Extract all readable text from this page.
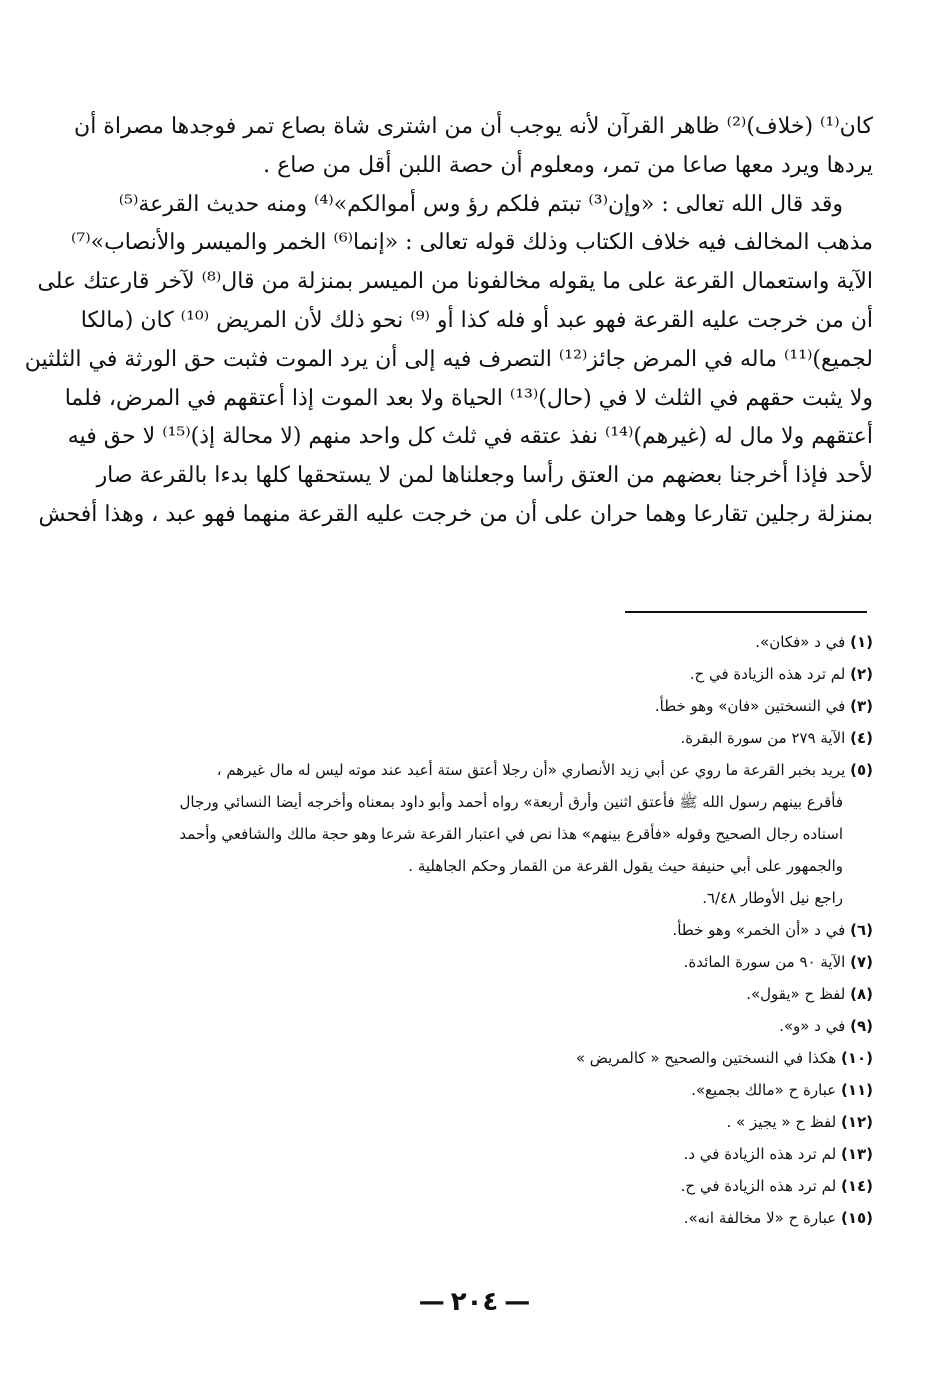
كان⁽¹⁾ (خلاف)⁽²⁾ ظاهر القرآن لأنه يوجب أن من اشترى شاة بصاع تمر فوجدها مصراة أن
يردها ويرد معها صاعا من تمر، ومعلوم أن حصة اللبن أقل من صاع .
وقد قال الله تعالى : «وإن⁽³⁾ تبتم فلكم رؤ وس أموالكم»⁽⁴⁾ ومنه حديث القرعة⁽⁵⁾
مذهب المخالف فيه خلاف الكتاب وذلك قوله تعالى : «إنما⁽⁶⁾ الخمر والميسر والأنصاب»⁽⁷⁾
الآية واستعمال القرعة على ما يقوله مخالفونا من الميسر بمنزلة من قال⁽⁸⁾ لآخر قارعتك على
أن من خرجت عليه القرعة فهو عبد أو فله كذا أو ⁽⁹⁾ نحو ذلك لأن المريض ⁽¹⁰⁾ كان (مالكا
لجميع)⁽¹¹⁾ ماله في المرض جائز⁽¹²⁾ التصرف فيه إلى أن يرد الموت فثبت حق الورثة في الثلثين
ولا يثبت حقهم في الثلث لا في (حال)⁽¹³⁾ الحياة ولا بعد الموت إذا أعتقهم في المرض، فلما
أعتقهم ولا مال له (غيرهم)⁽¹⁴⁾ نفذ عتقه في ثلث كل واحد منهم (لا محالة إذ)⁽¹⁵⁾ لا حق فيه
لأحد فإذا أخرجنا بعضهم من العتق رأسا وجعلناها لمن لا يستحقها كلها بدءا بالقرعة صار
بمنزلة رجلين تقارعا وهما حران على أن من خرجت عليه القرعة منهما فهو عبد ، وهذا أفحش
(١) في د «فكان».
(٢) لم ترد هذه الزيادة في ح.
(٣) في النسختين «فان» وهو خطأ.
(٤) الآية ٢٧٩ من سورة البقرة.
(٥) يريد بخبر القرعة ما روي عن أبي زيد الأنصاري «أن رجلا أعتق ستة أعبد عند موته ليس له مال غيرهم ،
فأقرع بينهم رسول الله ﷺ فأعتق اثنين وأرق أربعة» رواه أحمد وأبو داود بمعناه وأخرجه أيضا النسائي ورجال
اسناده رجال الصحيح وقوله «فأقرع بينهم» هذا نص في اعتبار القرعة شرعا وهو حجة مالك والشافعي وأحمد
والجمهور على أبي حنيفة حيث يقول القرعة من القمار وحكم الجاهلية .
راجع نيل الأوطار ٦/٤٨.
(٦) في د «أن الخمر» وهو خطأ.
(٧) الآية ٩٠ من سورة المائدة.
(٨) لفظ ح «يقول».
(٩) في د «و».
(١٠) هكذا في النسختين والصحيح « كالمريض »
(١١) عبارة ح «مالك بجميع».
(١٢) لفظ ح « يجيز » .
(١٣) لم ترد هذه الزيادة في د.
(١٤) لم ترد هذه الزيادة في ح.
(١٥) عبارة ح «لا مخالفة انه».
— ٢٠٤ —
